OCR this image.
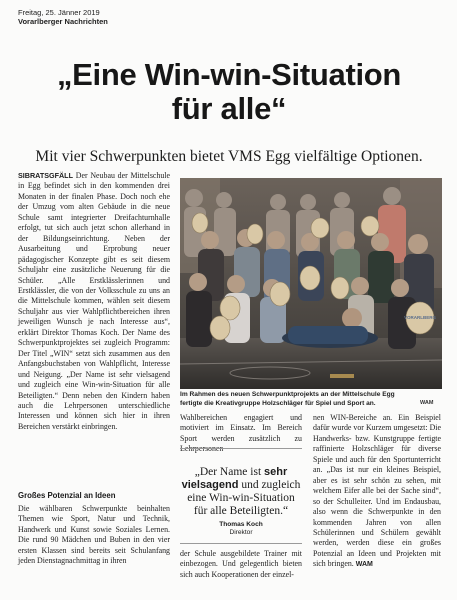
Freitag, 25. Jänner 2019
Vorarlberger Nachrichten
„Eine Win-win-Situation
für alle“
Mit vier Schwerpunkten bietet VMS Egg vielfältige Optionen.

SIBRATSGFÄLL Der Neubau der Mittelschule in Egg befindet sich in den kommenden drei Monaten in der finalen Phase. Doch noch ehe der Umzug vom alten Gebäude in die neue Schule samt integrierter Dreifachturnhalle erfolgt, tut sich auch jetzt schon allerhand in der Bildungseinrichtung. Neben der Ausarbeitung und Erprobung neuer pädagogischer Konzepte gibt es seit diesem Schuljahr eine zusätzliche Neuerung für die Schüler. „Alle Erstklässlerinnen und Erstklässler, die von der Volksschule zu uns an die Mittelschule kommen, wählen seit diesem Schuljahr aus vier Wahlpflichtbereichen ihren jeweiligen Wunsch je nach Interesse aus“, erklärt Direktor Thomas Koch. Der Name des Schwerpunktprojektes sei zugleich Programm: Der Titel „WIN“ setzt sich zusammen aus den Anfangsbuchstaben von Wahlpflicht, Interesse und Neigung. „Der Name ist sehr vielsagend und zugleich eine Win-win-Situation für alle Beteiligten.“ Denn neben den Kindern haben auch die Lehrpersonen unterschiedliche Interessen und können sich hier in ihren Bereichen verstärkt einbringen.

Großes Potenzial an Ideen
Die wählbaren Schwerpunkte beinhalten Themen wie Sport, Natur und Technik, Handwerk und Kunst sowie Soziales Lernen. Die rund 90 Mädchen und Buben in den vier ersten Klassen sind bereits seit Schulanfang jeden Dienstagnachmittag in ihren
VORARLBERG
Im Rahmen des neuen Schwerpunktprojekts an der Mittelschule Egg fertigte die Kreativgruppe Holzschläger für Spiel und Sport an.	WAM
Wahlbereichen engagiert und motiviert im Einsatz. Im Bereich Sport werden zusätzlich zu Lehrpersonen
„Der Name ist sehr vielsagend und zugleich eine Win-win-Situation für alle Beteiligten.“
Thomas Koch
Direktor
der Schule ausgebildete Trainer mit einbezogen. Und gelegentlich bieten sich auch Kooperationen der einzel-
nen WIN-Bereiche an. Ein Beispiel dafür wurde vor Kurzem umgesetzt: Die Handwerks- bzw. Kunstgruppe fertigte raffinierte Holzschläger für diverse Spiele und auch für den Sportunterricht an. „Das ist nur ein kleines Beispiel, aber es ist sehr schön zu sehen, mit welchem Eifer alle bei der Sache sind“, so der Schulleiter. Und im Endausbau, also wenn die Schwerpunkte in den kommenden Jahren von allen Schülerinnen und Schülern gewählt werden, werden diese ein großes Potenzial an Ideen und Projekten mit sich bringen. WAM
